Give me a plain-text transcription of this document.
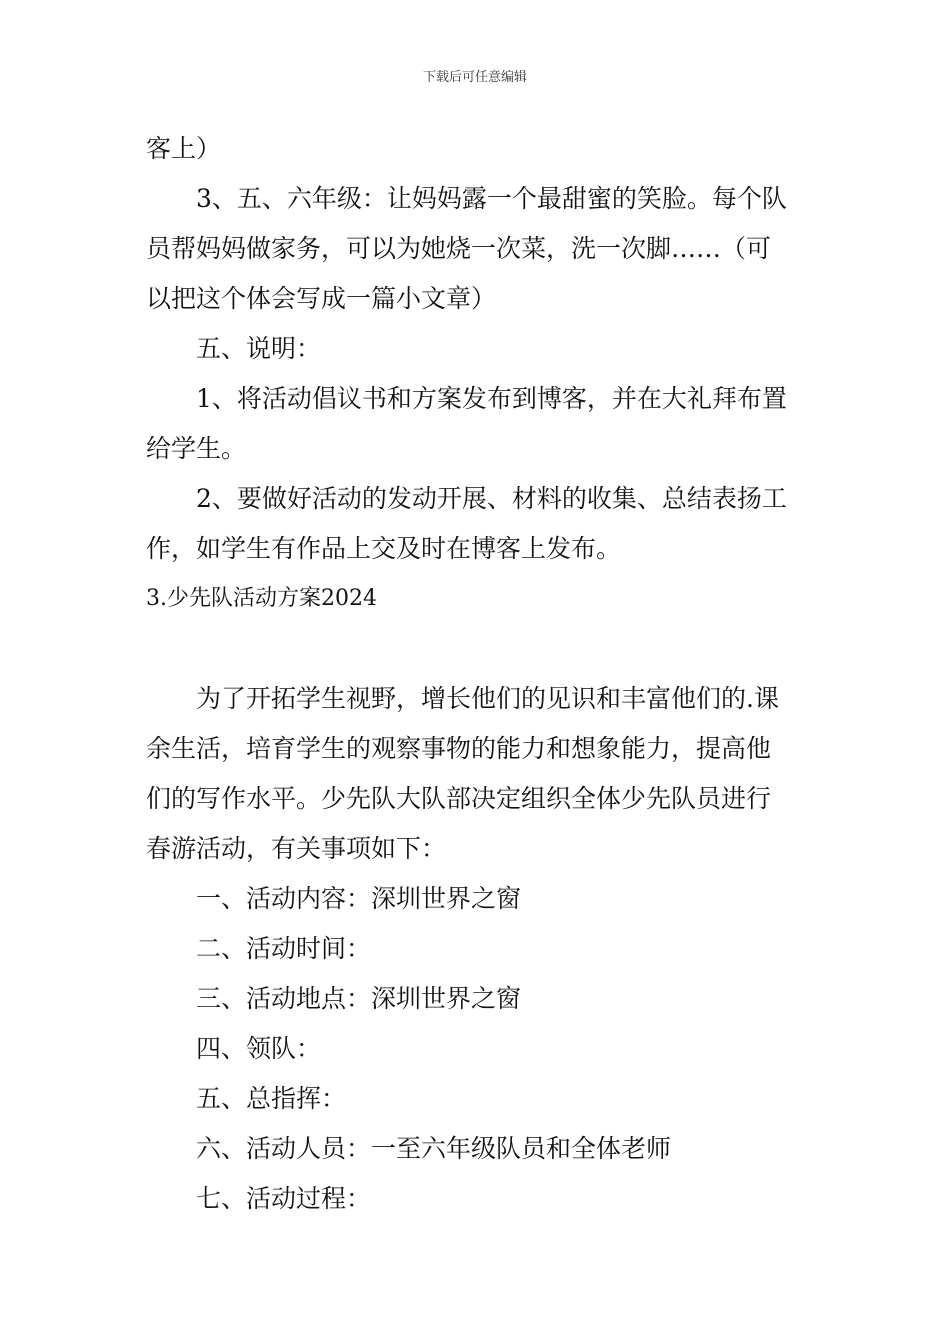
下载后可任意编辑
客上）
3、五、六年级：让妈妈露一个最甜蜜的笑脸。每个队
员帮妈妈做家务，可以为她烧一次菜，洗一次脚……（可
以把这个体会写成一篇小文章）
五、说明：
1、将活动倡议书和方案发布到博客，并在大礼拜布置
给学生。
2、要做好活动的发动开展、材料的收集、总结表扬工
作，如学生有作品上交及时在博客上发布。
3.少先队活动方案2024
为了开拓学生视野，增长他们的见识和丰富他们的.课
余生活，培育学生的观察事物的能力和想象能力，提高他
们的写作水平。少先队大队部决定组织全体少先队员进行
春游活动，有关事项如下：
一、活动内容：深圳世界之窗
二、活动时间：
三、活动地点：深圳世界之窗
四、领队：
五、总指挥：
六、活动人员：一至六年级队员和全体老师
七、活动过程：
